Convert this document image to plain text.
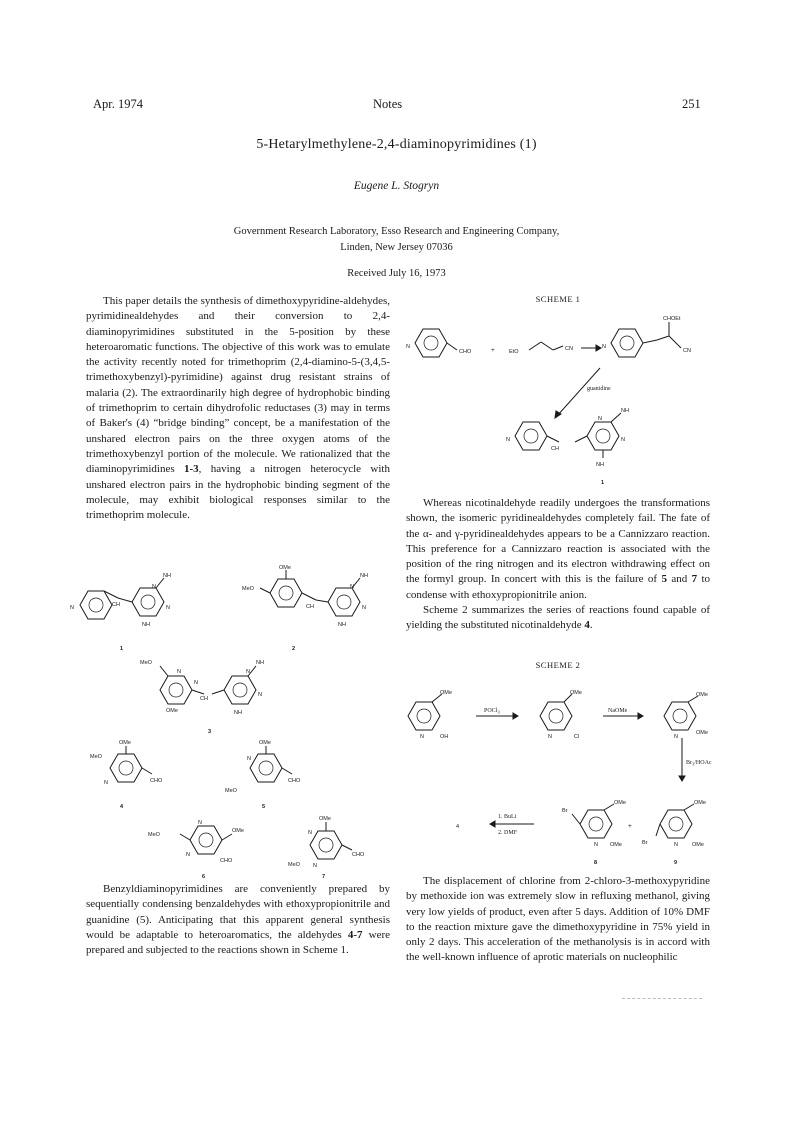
Apr. 1974	Notes	251
5-Hetarylmethylene-2,4-diaminopyrimidines (1)
Eugene L. Stogryn
Government Research Laboratory, Esso Research and Engineering Company,
Linden, New Jersey 07036
Received July 16, 1973

This paper details the synthesis of dimethoxypyridine-aldehydes, pyrimidinealdehydes and their conversion to 2,4-diaminopyrimidines substituted in the 5-position by these heteroaromatic functions. The objective of this work was to emulate the activity recently noted for trimethoprim (2,4-diamino-5-(3,4,5-trimethoxybenzyl)-pyrimidine) against drug resistant strains of malaria (2). The extraordinarily high degree of hydrophobic binding of trimethoprim to certain dihydrofolic reductases (3) may in terms of Baker's (4) “bridge binding” concept, be a manifestation of the unshared electron pairs on the three oxygen atoms of the trimethoxybenzyl portion of the molecule. We rationalized that the diaminopyrimidines 1-3, having a nitrogen heterocycle with unshared electron pairs in the hydrophobic binding segment of the molecule, may exhibit biological responses similar to the trimethoprim molecule.

N	CH
N
NH
N
NH
1
OMe
MeO
CH
N
NH
N
NH
2
MeO
N
N
OMe
CH
N
NH
N
NH
3
OMe
MeO
N	CHO
4
OMe
N
MeO
CHO
5
MeO
N
N
OMe
CHO
6
OMe
N
N
MeO
CHO
7

Benzyldiaminopyrimidines are conveniently prepared by sequentially condensing benzaldehydes with ethoxypropionitrile and guanidine (5). Anticipating that this apparent general synthesis would be adaptable to heteroaromatics, the aldehydes 4-7 were prepared and subjected to the reactions shown in Scheme 1.

SCHEME 1
N
CHO	+	EtO	CN	N
CHOEt
CN
guanidine
N
CH
N
NH
N
NH
1

Whereas nicotinaldehyde readily undergoes the transformations shown, the isomeric pyridinealdehydes completely fail. The fate of the α- and γ-pyridinealdehydes appears to be a Cannizzaro reaction. This preference for a Cannizzaro reaction is associated with the position of the ring nitrogen and its electron withdrawing effect on the formyl group. In concert with this is the failure of 5 and 7 to condense with ethoxypropionitrile anion.

Scheme 2 summarizes the series of reactions found capable of yielding the substituted nicotinaldehyde 4.

SCHEME 2
OMe
N	OH
POCl$_3$
OMe
N	Cl
NaOMe
OMe
N
OMe
$Br_3$/HOAc
4
1. BuLi
2. DMF
Br
OMe
N OMe
+
OMe
Br	N	OMe
8	9

The displacement of chlorine from 2-chloro-3-methoxypyridine by methoxide ion was extremely slow in refluxing methanol, giving very low yields of product, even after 5 days. Addition of 10% DMF to the reaction mixture gave the dimethoxypyridine in 75% yield in only 2 days. This acceleration of the methanolysis is in accord with the well-known influence of aprotic materials on nucleophilic
